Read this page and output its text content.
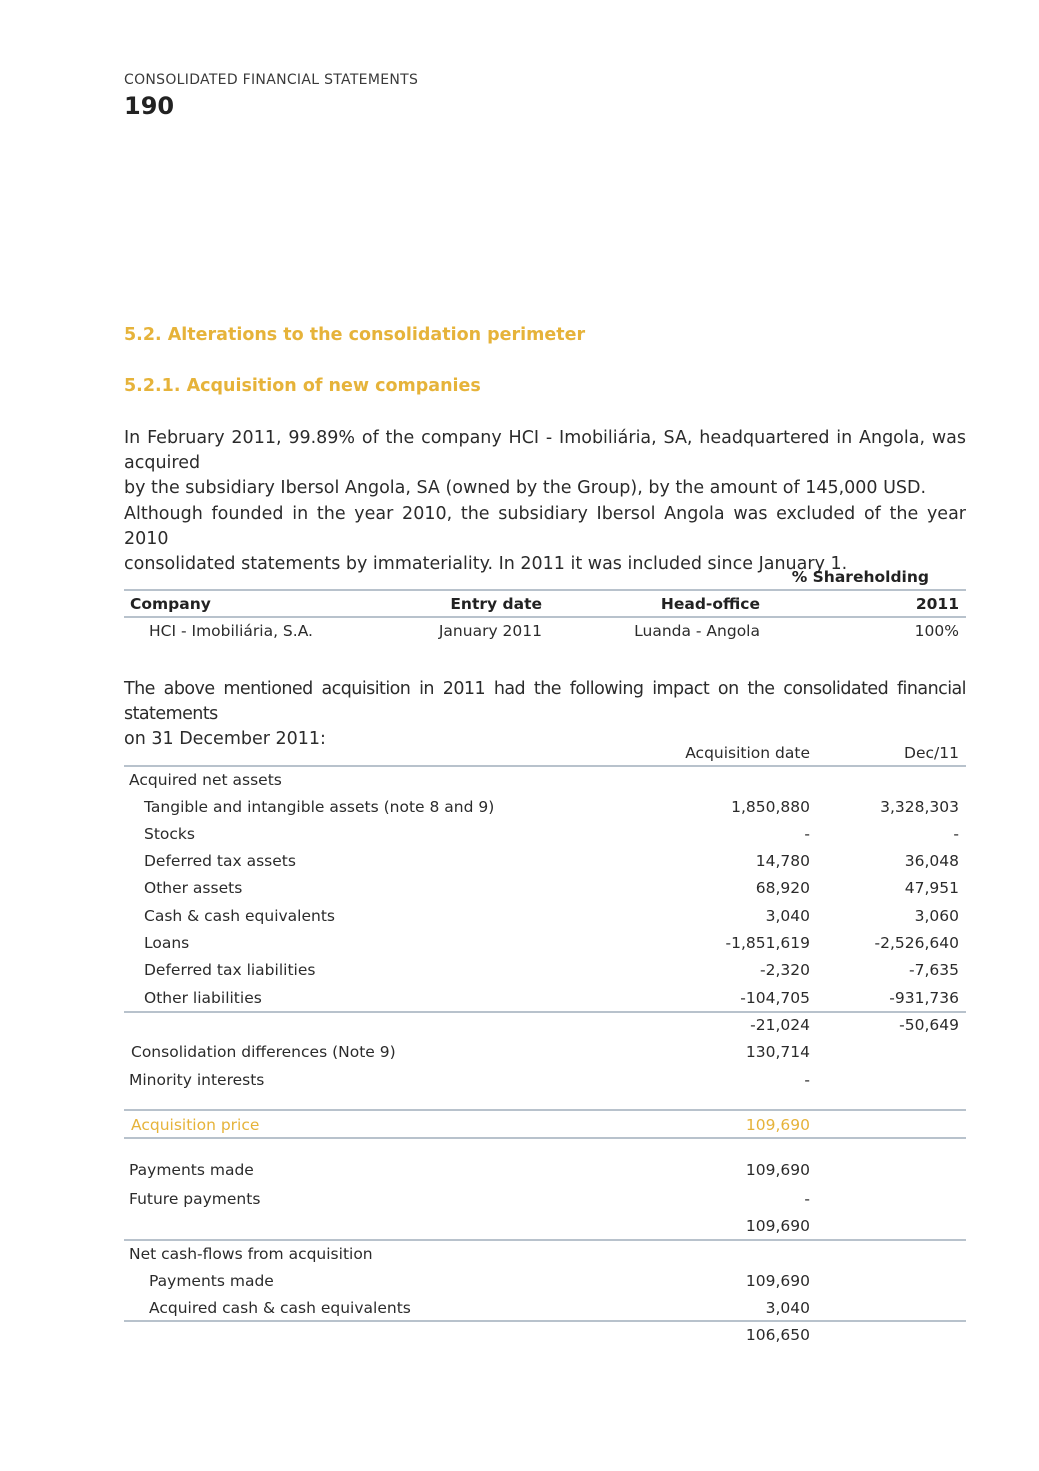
CONSOLIDATED FINANCIAL STATEMENTS
190
5.2. Alterations to the consolidation perimeter
5.2.1. Acquisition of new companies
In February 2011, 99.89% of the company HCI - Imobiliária, SA, headquartered in Angola, was acquired
by the subsidiary Ibersol Angola, SA (owned by the Group), by the amount of 145,000 USD.
Although founded in the year 2010, the subsidiary Ibersol Angola was excluded of the year 2010
consolidated statements by immateriality. In 2011 it was included since January 1.
% Shareholding
Company	Entry date	Head-office	2011
HCI - Imobiliária, S.A.	January 2011	Luanda - Angola	100%
The above mentioned acquisition in 2011 had the following impact on the consolidated financial statements
on 31 December 2011:
Acquisition date	Dec/11
Acquired net assets
Tangible and intangible assets (note 8 and 9)	1,850,880	3,328,303
Stocks	-	-
Deferred tax assets	14,780	36,048
Other assets	68,920	47,951
Cash & cash equivalents	3,040	3,060
Loans	-1,851,619	-2,526,640
Deferred tax liabilities	-2,320	-7,635
Other liabilities	-104,705	-931,736
-21,024	-50,649
Consolidation differences (Note 9)	130,714
Minority interests	-
Acquisition price	109,690
Payments made	109,690
Future payments	-
109,690
Net cash-flows from acquisition
Payments made	109,690
Acquired cash & cash equivalents	3,040
106,650
